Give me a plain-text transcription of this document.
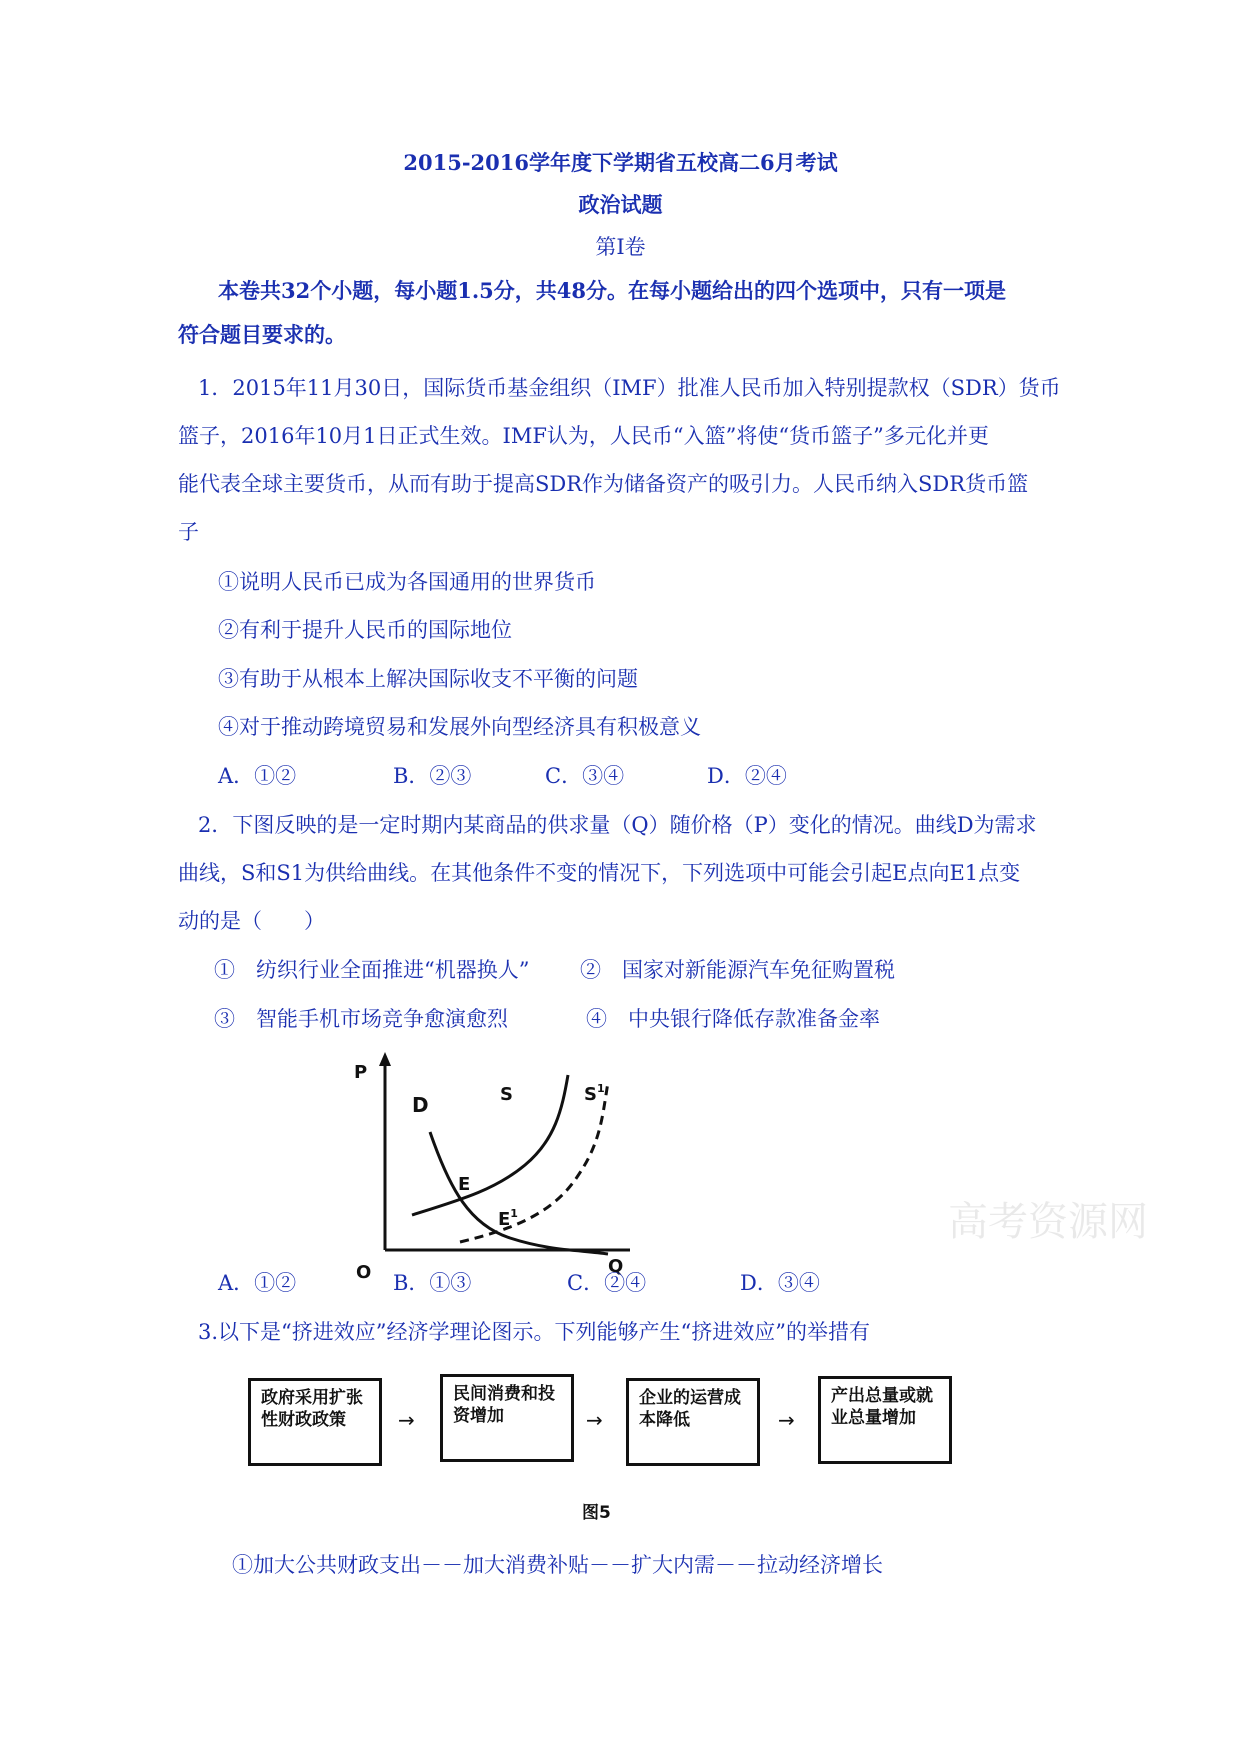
2015-2016学年度下学期省五校高二6月考试
政治试题
第Ⅰ卷
本卷共32个小题，每小题1.5分，共48分。在每小题给出的四个选项中，只有一项是
符合题目要求的。
1．2015年11月30日，国际货币基金组织（IMF）批准人民币加入特别提款权（SDR）货币
篮子，2016年10月1日正式生效。IMF认为，人民币“入篮”将使“货币篮子”多元化并更
能代表全球主要货币，从而有助于提高SDR作为储备资产的吸引力。人民币纳入SDR货币篮
子
①说明人民币已成为各国通用的世界货币
②有利于提升人民币的国际地位
③有助于从根本上解决国际收支不平衡的问题
④对于推动跨境贸易和发展外向型经济具有积极意义
A．①②	B．②③	C．③④	D．②④
2．下图反映的是一定时期内某商品的供求量（Q）随价格（P）变化的情况。曲线D为需求
曲线，S和S1为供给曲线。在其他条件不变的情况下，下列选项中可能会引起E点向E1点变
动的是（　　）
①　纺织行业全面推进“机器换人” ②　国家对新能源汽车免征购置税
③　智能手机市场竞争愈演愈烈	④　中央银行降低存款准备金率
P
Q
O
D	S	$S^1$
E
$E^1$
A．①②	B．①③	C．②④	D．③④
3.以下是“挤进效应”经济学理论图示。下列能够产生“挤进效应”的举措有
政府采用扩张性财政政策	→
民间消费和投资增加	→
企业的运营成本降低	→
产出总量或就业总量增加
图5
①加大公共财政支出－－加大消费补贴－－扩大内需－－拉动经济增长
高考资源网
